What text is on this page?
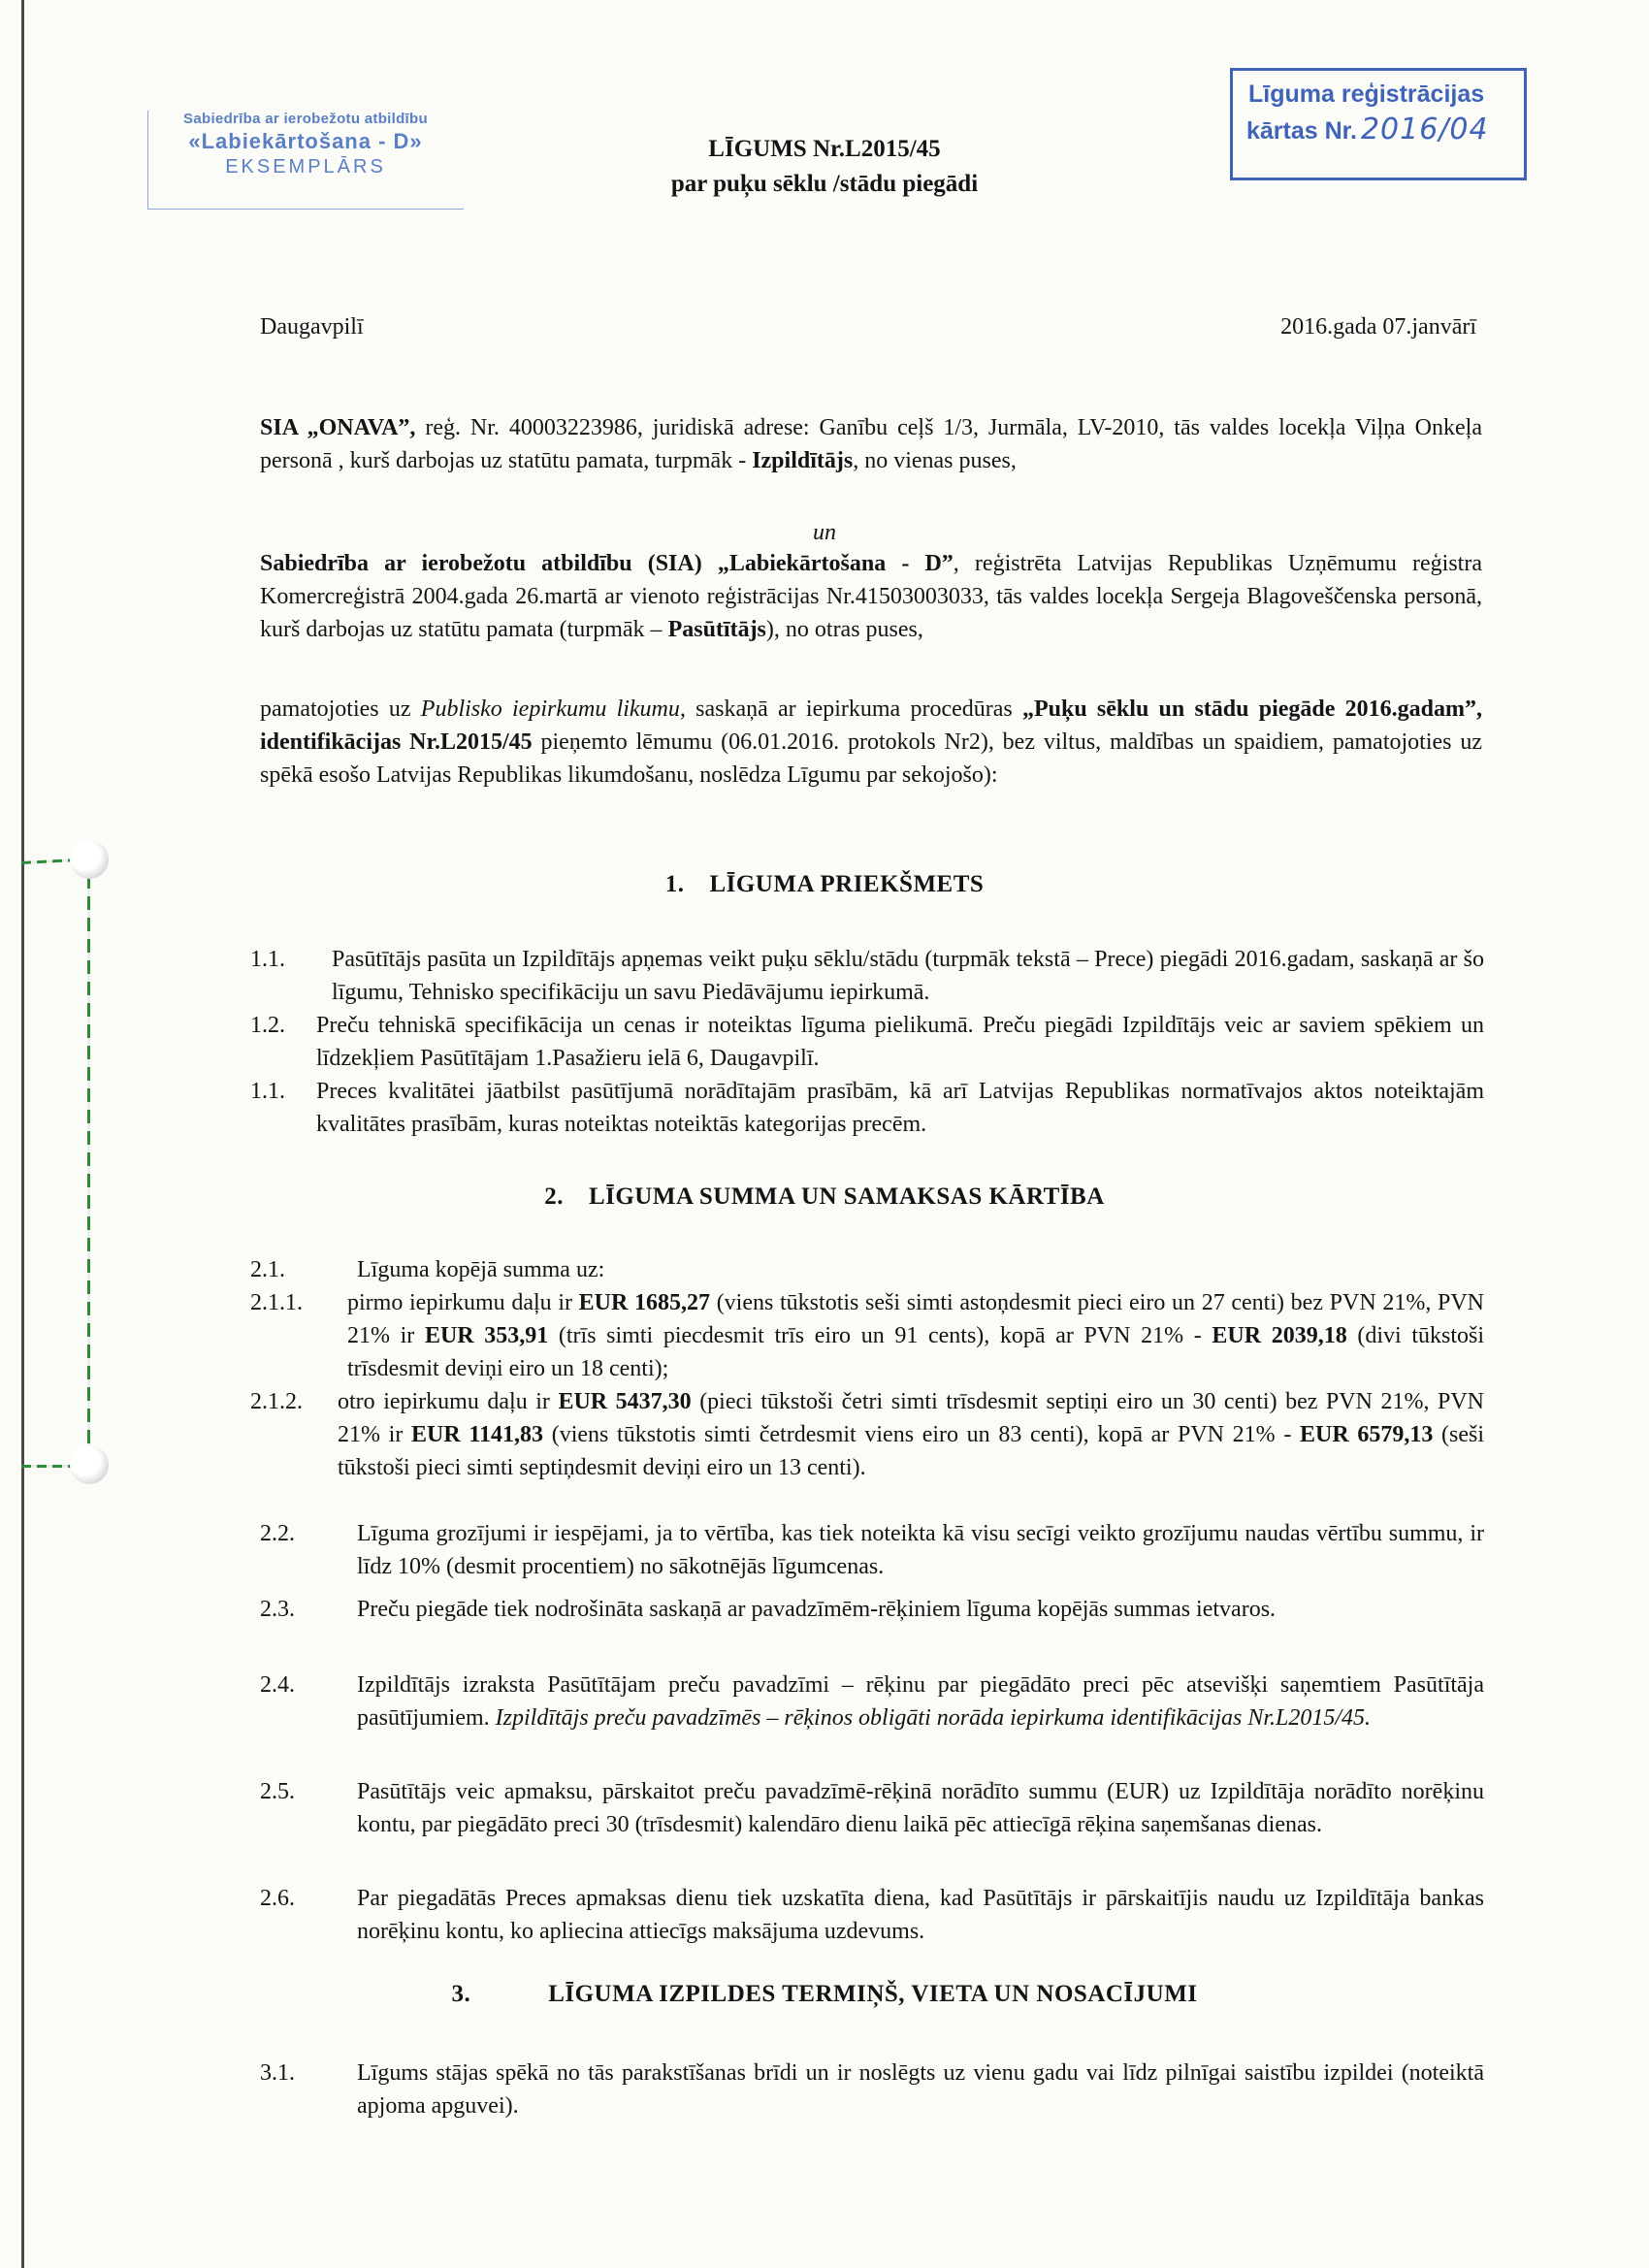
Sabiedrība ar ierobežotu atbildību
«Labiekārtošana - D»
EKSEMPLĀRS
Līguma reģistrācijas
kārtas Nr. 2016/04
LĪGUMS Nr.L2015/45
par puķu sēklu /stādu piegādi
Daugavpilī	2016.gada 07.janvārī
SIA „ONAVA”, reģ. Nr. 40003223986, juridiskā adrese: Ganību ceļš 1/3, Jurmāla, LV-2010, tās valdes locekļa Viļņa Onkeļa personā , kurš darbojas uz statūtu pamata, turpmāk - Izpildītājs, no vienas puses,
un
Sabiedrība ar ierobežotu atbildību (SIA) „Labiekārtošana - D”, reģistrēta Latvijas Republikas Uzņēmumu reģistra Komercreģistrā 2004.gada 26.martā ar vienoto reģistrācijas Nr.41503003033, tās valdes locekļa Sergeja Blagoveščenska personā, kurš darbojas uz statūtu pamata (turpmāk – Pasūtītājs), no otras puses,
pamatojoties uz Publisko iepirkumu likumu, saskaņā ar iepirkuma procedūras „Puķu sēklu un stādu piegāde 2016.gadam”, identifikācijas Nr.L2015/45 pieņemto lēmumu (06.01.2016. protokols Nr2), bez viltus, maldības un spaidiem, pamatojoties uz spēkā esošo Latvijas Republikas likumdošanu, noslēdza Līgumu par sekojošo):
1. LĪGUMA PRIEKŠMETS
1.1. Pasūtītājs pasūta un Izpildītājs apņemas veikt puķu sēklu/stādu (turpmāk tekstā – Prece) piegādi 2016.gadam, saskaņā ar šo līgumu, Tehnisko specifikāciju un savu Piedāvājumu iepirkumā.
1.2. Preču tehniskā specifikācija un cenas ir noteiktas līguma pielikumā. Preču piegādi Izpildītājs veic ar saviem spēkiem un līdzekļiem Pasūtītājam 1.Pasažieru ielā 6, Daugavpilī.
1.1. Preces kvalitātei jāatbilst pasūtījumā norādītajām prasībām, kā arī Latvijas Republikas normatīvajos aktos noteiktajām kvalitātes prasībām, kuras noteiktas noteiktās kategorijas precēm.
2. LĪGUMA SUMMA UN SAMAKSAS KĀRTĪBA
2.1.	Līguma kopējā summa uz:
2.1.1. pirmo iepirkumu daļu ir EUR 1685,27 (viens tūkstotis seši simti astoņdesmit pieci eiro un 27 centi) bez PVN 21%, PVN 21% ir EUR 353,91 (trīs simti piecdesmit trīs eiro un 91 cents), kopā ar PVN 21% - EUR 2039,18 (divi tūkstoši trīsdesmit deviņi eiro un 18 centi);
2.1.2. otro iepirkumu daļu ir EUR 5437,30 (pieci tūkstoši četri simti trīsdesmit septiņi eiro un 30 centi) bez PVN 21%, PVN 21% ir EUR 1141,83 (viens tūkstotis simti četrdesmit viens eiro un 83 centi), kopā ar PVN 21% - EUR 6579,13 (seši tūkstoši pieci simti septiņdesmit deviņi eiro un 13 centi).
2.2.	Līguma grozījumi ir iespējami, ja to vērtība, kas tiek noteikta kā visu secīgi veikto grozījumu naudas vērtību summu, ir līdz 10% (desmit procentiem) no sākotnējās līgumcenas.
2.3.	Preču piegāde tiek nodrošināta saskaņā ar pavadzīmēm-rēķiniem līguma kopējās summas ietvaros.
2.4.	Izpildītājs izraksta Pasūtītājam preču pavadzīmi – rēķinu par piegādāto preci pēc atsevišķi saņemtiem Pasūtītāja pasūtījumiem. Izpildītājs preču pavadzīmēs – rēķinos obligāti norāda iepirkuma identifikācijas Nr.L2015/45.
2.5.	Pasūtītājs veic apmaksu, pārskaitot preču pavadzīmē-rēķinā norādīto summu (EUR) uz Izpildītāja norādīto norēķinu kontu, par piegādāto preci 30 (trīsdesmit) kalendāro dienu laikā pēc attiecīgā rēķina saņemšanas dienas.
2.6.	Par piegadātās Preces apmaksas dienu tiek uzskatīta diena, kad Pasūtītājs ir pārskaitījis naudu uz Izpildītāja bankas norēķinu kontu, ko apliecina attiecīgs maksājuma uzdevums.
3.	LĪGUMA IZPILDES TERMIŅŠ, VIETA UN NOSACĪJUMI
3.1.	Līgums stājas spēkā no tās parakstīšanas brīdi un ir noslēgts uz vienu gadu vai līdz pilnīgai saistību izpildei (noteiktā apjoma apguvei).
